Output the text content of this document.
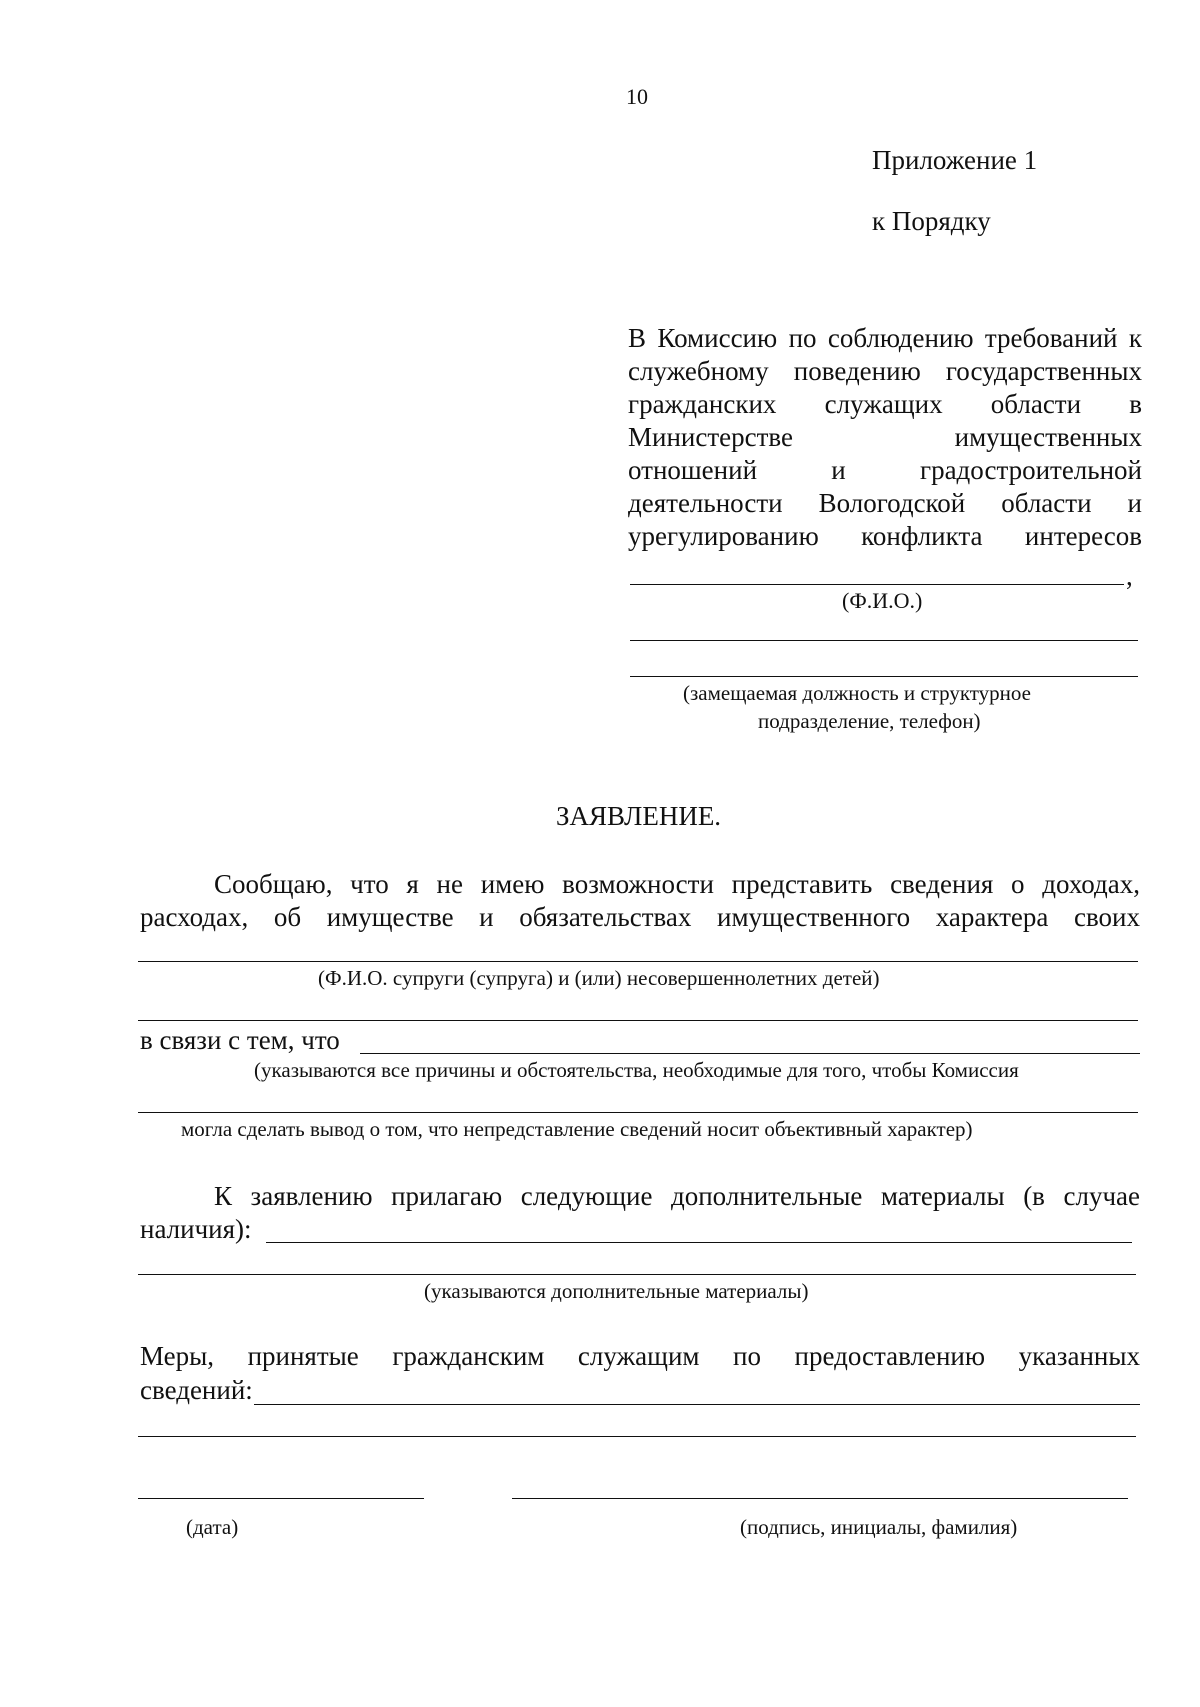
10
Приложение 1
к Порядку
В Комиссию по соблюдению требований к
служебному поведению государственных
гражданских служащих области в
Министерстве имущественных
отношений и градостроительной
деятельности Вологодской области и
урегулированию конфликта интересов
,
(Ф.И.О.)
(замещаемая должность и структурное
подразделение, телефон)
ЗАЯВЛЕНИЕ.
Сообщаю, что я не имею возможности представить сведения о доходах,
расходах, об имуществе и обязательствах имущественного характера своих
(Ф.И.О. супруги (супруга) и (или) несовершеннолетних детей)
в связи с тем, что
(указываются все причины и обстоятельства, необходимые для того, чтобы Комиссия
могла сделать вывод о том, что непредставление сведений носит объективный характер)
К заявлению прилагаю следующие дополнительные материалы (в случае
наличия):
(указываются дополнительные материалы)
Меры, принятые гражданским служащим по предоставлению указанных
сведений:
(дата)	(подпись, инициалы, фамилия)
